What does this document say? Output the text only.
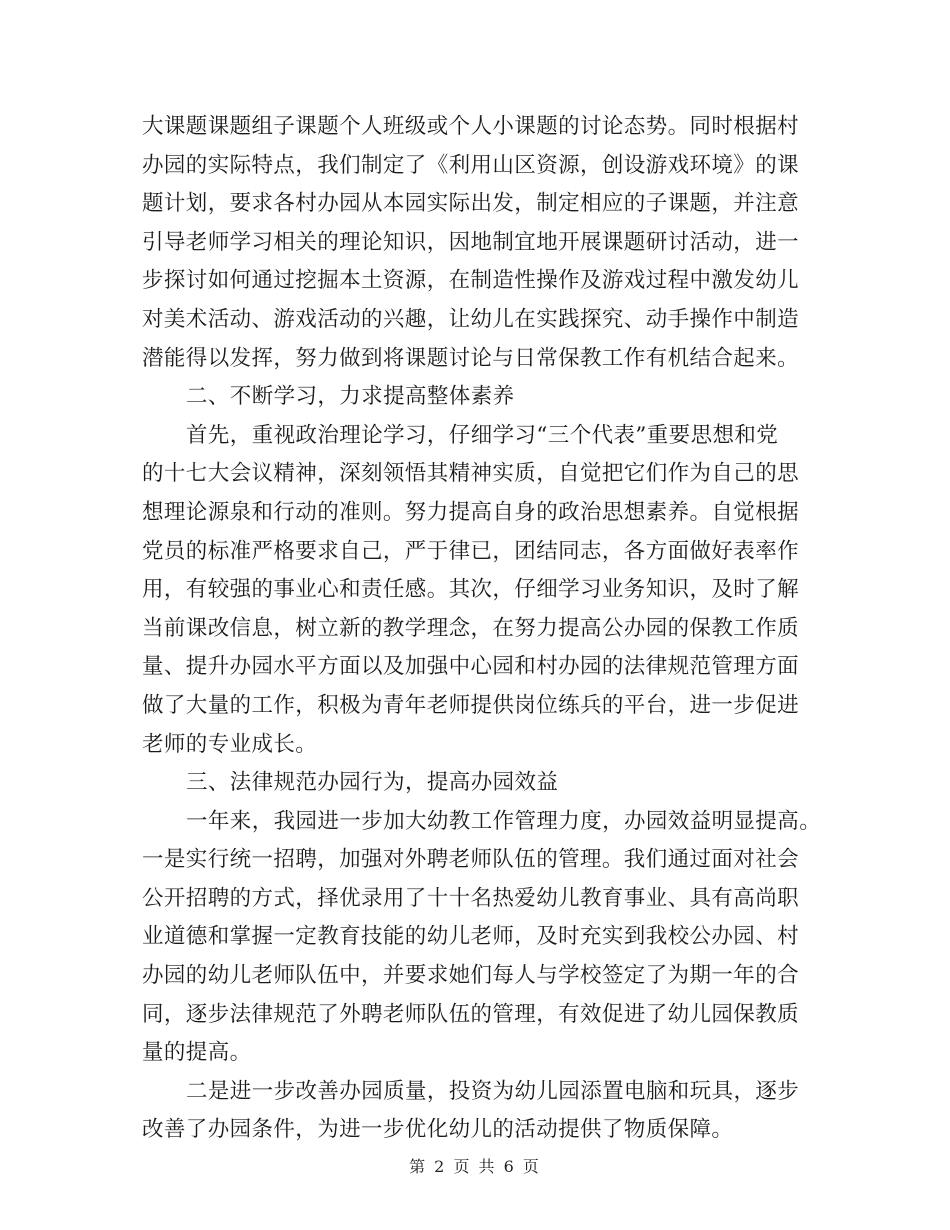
大课题课题组子课题个人班级或个人小课题的讨论态势。同时根据村
办园的实际特点，我们制定了《利用山区资源，创设游戏环境》的课
题计划，要求各村办园从本园实际出发，制定相应的子课题，并注意
引导老师学习相关的理论知识，因地制宜地开展课题研讨活动，进一
步探讨如何通过挖掘本土资源，在制造性操作及游戏过程中激发幼儿
对美术活动、游戏活动的兴趣，让幼儿在实践探究、动手操作中制造
潜能得以发挥，努力做到将课题讨论与日常保教工作有机结合起来。
二、不断学习，力求提高整体素养
首先，重视政治理论学习，仔细学习“三个代表”重要思想和党
的十七大会议精神，深刻领悟其精神实质，自觉把它们作为自己的思
想理论源泉和行动的准则。努力提高自身的政治思想素养。自觉根据
党员的标准严格要求自己，严于律已，团结同志，各方面做好表率作
用，有较强的事业心和责任感。其次，仔细学习业务知识，及时了解
当前课改信息，树立新的教学理念，在努力提高公办园的保教工作质
量、提升办园水平方面以及加强中心园和村办园的法律规范管理方面
做了大量的工作，积极为青年老师提供岗位练兵的平台，进一步促进
老师的专业成长。
三、法律规范办园行为，提高办园效益
一年来，我园进一步加大幼教工作管理力度，办园效益明显提高。
一是实行统一招聘，加强对外聘老师队伍的管理。我们通过面对社会
公开招聘的方式，择优录用了十十名热爱幼儿教育事业、具有高尚职
业道德和掌握一定教育技能的幼儿老师，及时充实到我校公办园、村
办园的幼儿老师队伍中，并要求她们每人与学校签定了为期一年的合
同，逐步法律规范了外聘老师队伍的管理，有效促进了幼儿园保教质
量的提高。
二是进一步改善办园质量，投资为幼儿园添置电脑和玩具，逐步
改善了办园条件，为进一步优化幼儿的活动提供了物质保障。

第 2 页 共 6 页
